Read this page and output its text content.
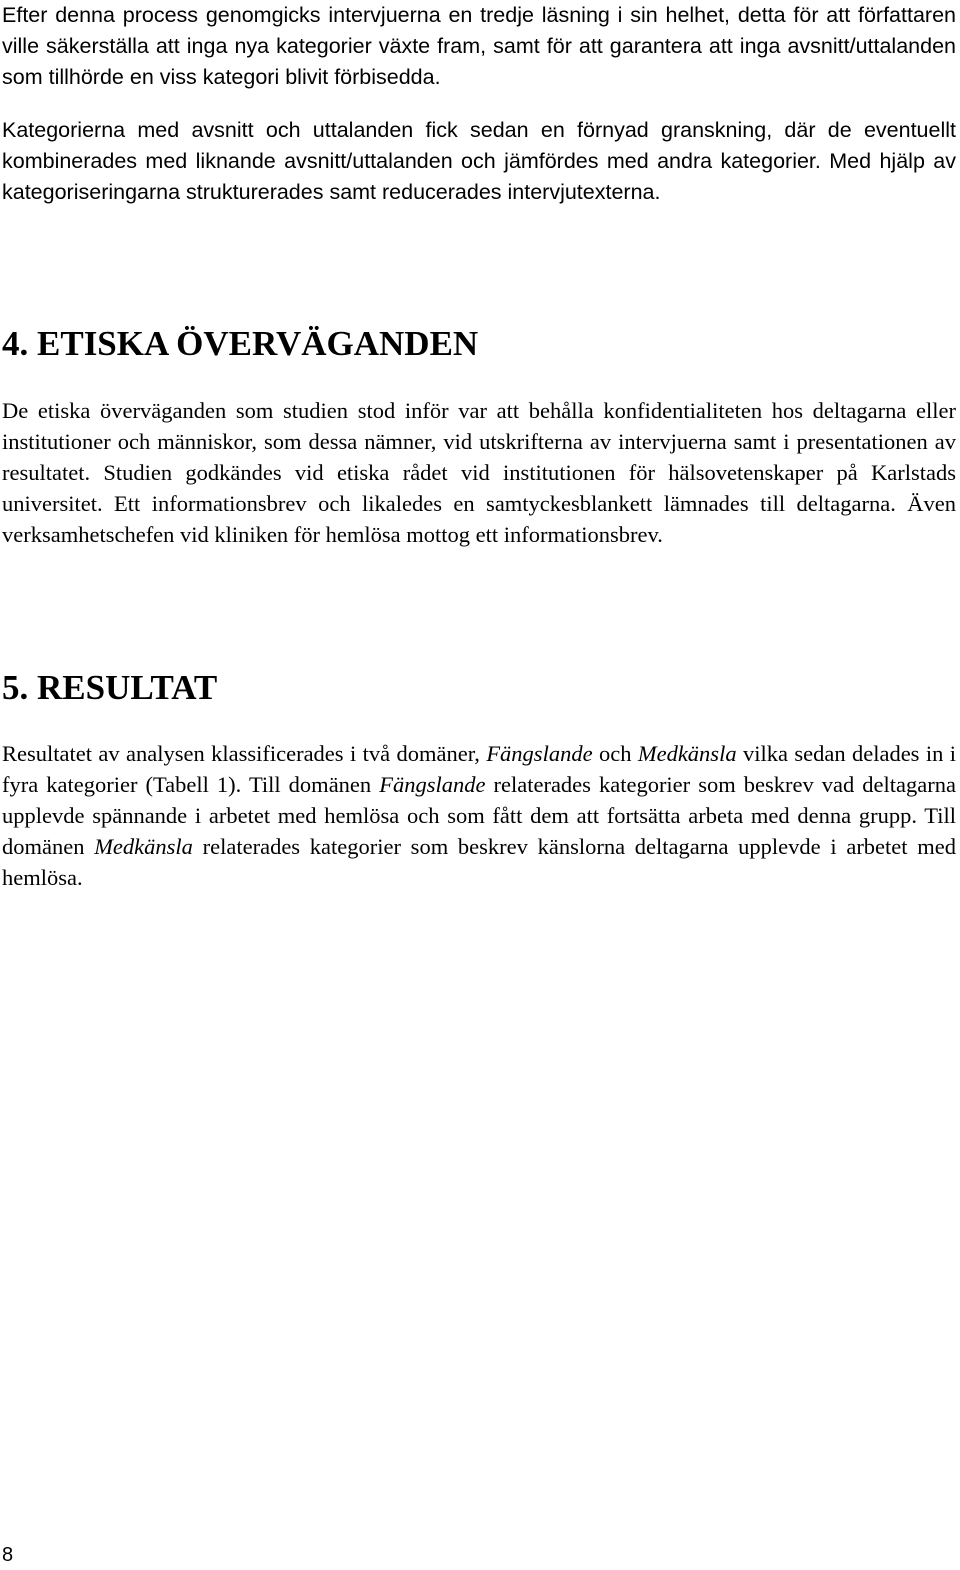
Efter denna process genomgicks intervjuerna en tredje läsning i sin helhet, detta för att författaren ville säkerställa att inga nya kategorier växte fram, samt för att garantera att inga avsnitt/uttalanden som tillhörde en viss kategori blivit förbisedda.

Kategorierna med avsnitt och uttalanden fick sedan en förnyad granskning, där de eventuellt kombinerades med liknande avsnitt/uttalanden och jämfördes med andra kategorier. Med hjälp av kategoriseringarna strukturerades samt reducerades intervjutexterna.

4. ETISKA ÖVERVÄGANDEN

De etiska överväganden som studien stod inför var att behålla konfidentialiteten hos deltagarna eller institutioner och människor, som dessa nämner, vid utskrifterna av intervjuerna samt i presentationen av resultatet. Studien godkändes vid etiska rådet vid institutionen för hälsovetenskaper på Karlstads universitet. Ett informationsbrev och likaledes en samtyckesblankett lämnades till deltagarna. Även verksamhetschefen vid kliniken för hemlösa mottog ett informationsbrev.

5. RESULTAT

Resultatet av analysen klassificerades i två domäner, Fängslande och Medkänsla vilka sedan delades in i fyra kategorier (Tabell 1). Till domänen Fängslande relaterades kategorier som beskrev vad deltagarna upplevde spännande i arbetet med hemlösa och som fått dem att fortsätta arbeta med denna grupp. Till domänen Medkänsla relaterades kategorier som beskrev känslorna deltagarna upplevde i arbetet med hemlösa.

8
